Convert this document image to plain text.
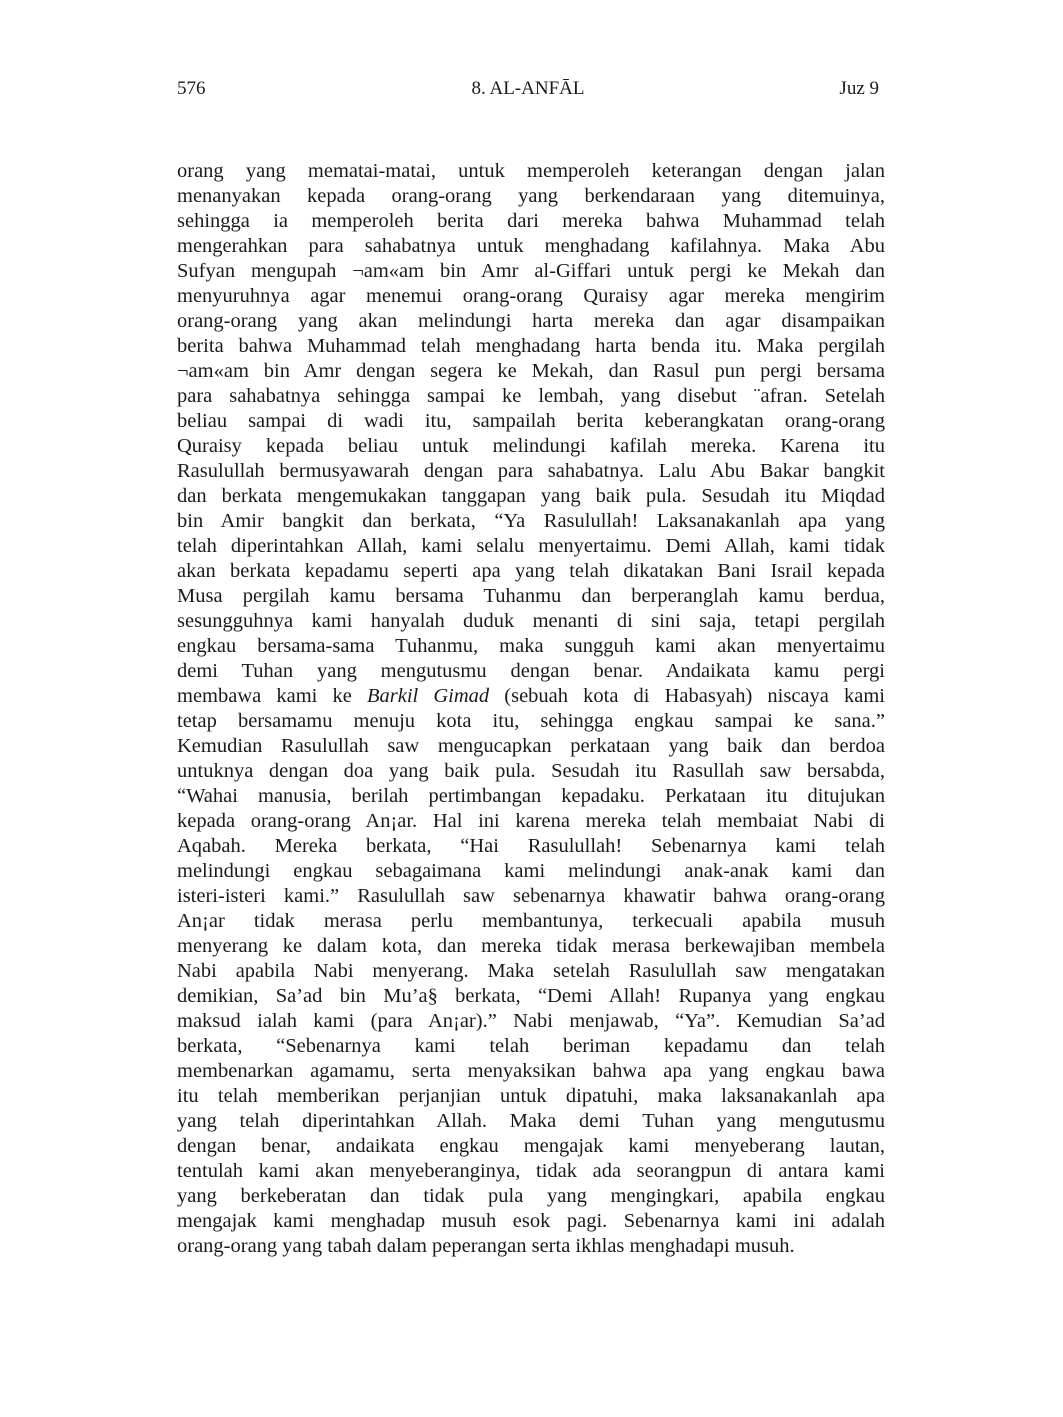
576	8. AL-ANFĀL	Juz 9
orang yang mematai-matai, untuk memperoleh keterangan dengan jalan
menanyakan kepada orang-orang yang berkendaraan yang ditemuinya,
sehingga ia memperoleh berita dari mereka bahwa Muhammad telah
mengerahkan para sahabatnya untuk menghadang kafilahnya. Maka Abu
Sufyan mengupah ¬am«am bin Amr al-Giffari untuk pergi ke Mekah dan
menyuruhnya agar menemui orang-orang Quraisy agar mereka mengirim
orang-orang yang akan melindungi harta mereka dan agar disampaikan
berita bahwa Muhammad telah menghadang harta benda itu. Maka pergilah
¬am«am bin Amr dengan segera ke Mekah, dan Rasul pun pergi bersama
para sahabatnya sehingga sampai ke lembah, yang disebut ¨afran. Setelah
beliau sampai di wadi itu, sampailah berita keberangkatan orang-orang
Quraisy kepada beliau untuk melindungi kafilah mereka. Karena itu
Rasulullah bermusyawarah dengan para sahabatnya. Lalu Abu Bakar bangkit
dan berkata mengemukakan tanggapan yang baik pula. Sesudah itu Miqdad
bin Amir bangkit dan berkata, “Ya Rasulullah! Laksanakanlah apa yang
telah diperintahkan Allah, kami selalu menyertaimu. Demi Allah, kami tidak
akan berkata kepadamu seperti apa yang telah dikatakan Bani Israil kepada
Musa pergilah kamu bersama Tuhanmu dan berperanglah kamu berdua,
sesungguhnya kami hanyalah duduk menanti di sini saja, tetapi pergilah
engkau bersama-sama Tuhanmu, maka sungguh kami akan menyertaimu
demi Tuhan yang mengutusmu dengan benar. Andaikata kamu pergi
membawa kami ke Barkil Gimad (sebuah kota di Habasyah) niscaya kami
tetap bersamamu menuju kota itu, sehingga engkau sampai ke sana.”
Kemudian Rasulullah saw mengucapkan perkataan yang baik dan berdoa
untuknya dengan doa yang baik pula. Sesudah itu Rasullah saw bersabda,
“Wahai manusia, berilah pertimbangan kepadaku. Perkataan itu ditujukan
kepada orang-orang An¡ar. Hal ini karena mereka telah membaiat Nabi di
Aqabah. Mereka berkata, “Hai Rasulullah! Sebenarnya kami telah
melindungi engkau sebagaimana kami melindungi anak-anak kami dan
isteri-isteri kami.” Rasulullah saw sebenarnya khawatir bahwa orang-orang
An¡ar tidak merasa perlu membantunya, terkecuali apabila musuh
menyerang ke dalam kota, dan mereka tidak merasa berkewajiban membela
Nabi apabila Nabi menyerang. Maka setelah Rasulullah saw mengatakan
demikian, Sa’ad bin Mu’a§ berkata, “Demi Allah! Rupanya yang engkau
maksud ialah kami (para An¡ar).” Nabi menjawab, “Ya”. Kemudian Sa’ad
berkata, “Sebenarnya kami telah beriman kepadamu dan telah
membenarkan agamamu, serta menyaksikan bahwa apa yang engkau bawa
itu telah memberikan perjanjian untuk dipatuhi, maka laksanakanlah apa
yang telah diperintahkan Allah. Maka demi Tuhan yang mengutusmu
dengan benar, andaikata engkau mengajak kami menyeberang lautan,
tentulah kami akan menyeberanginya, tidak ada seorangpun di antara kami
yang berkeberatan dan tidak pula yang mengingkari, apabila engkau
mengajak kami menghadap musuh esok pagi. Sebenarnya kami ini adalah
orang-orang yang tabah dalam peperangan serta ikhlas menghadapi musuh.
